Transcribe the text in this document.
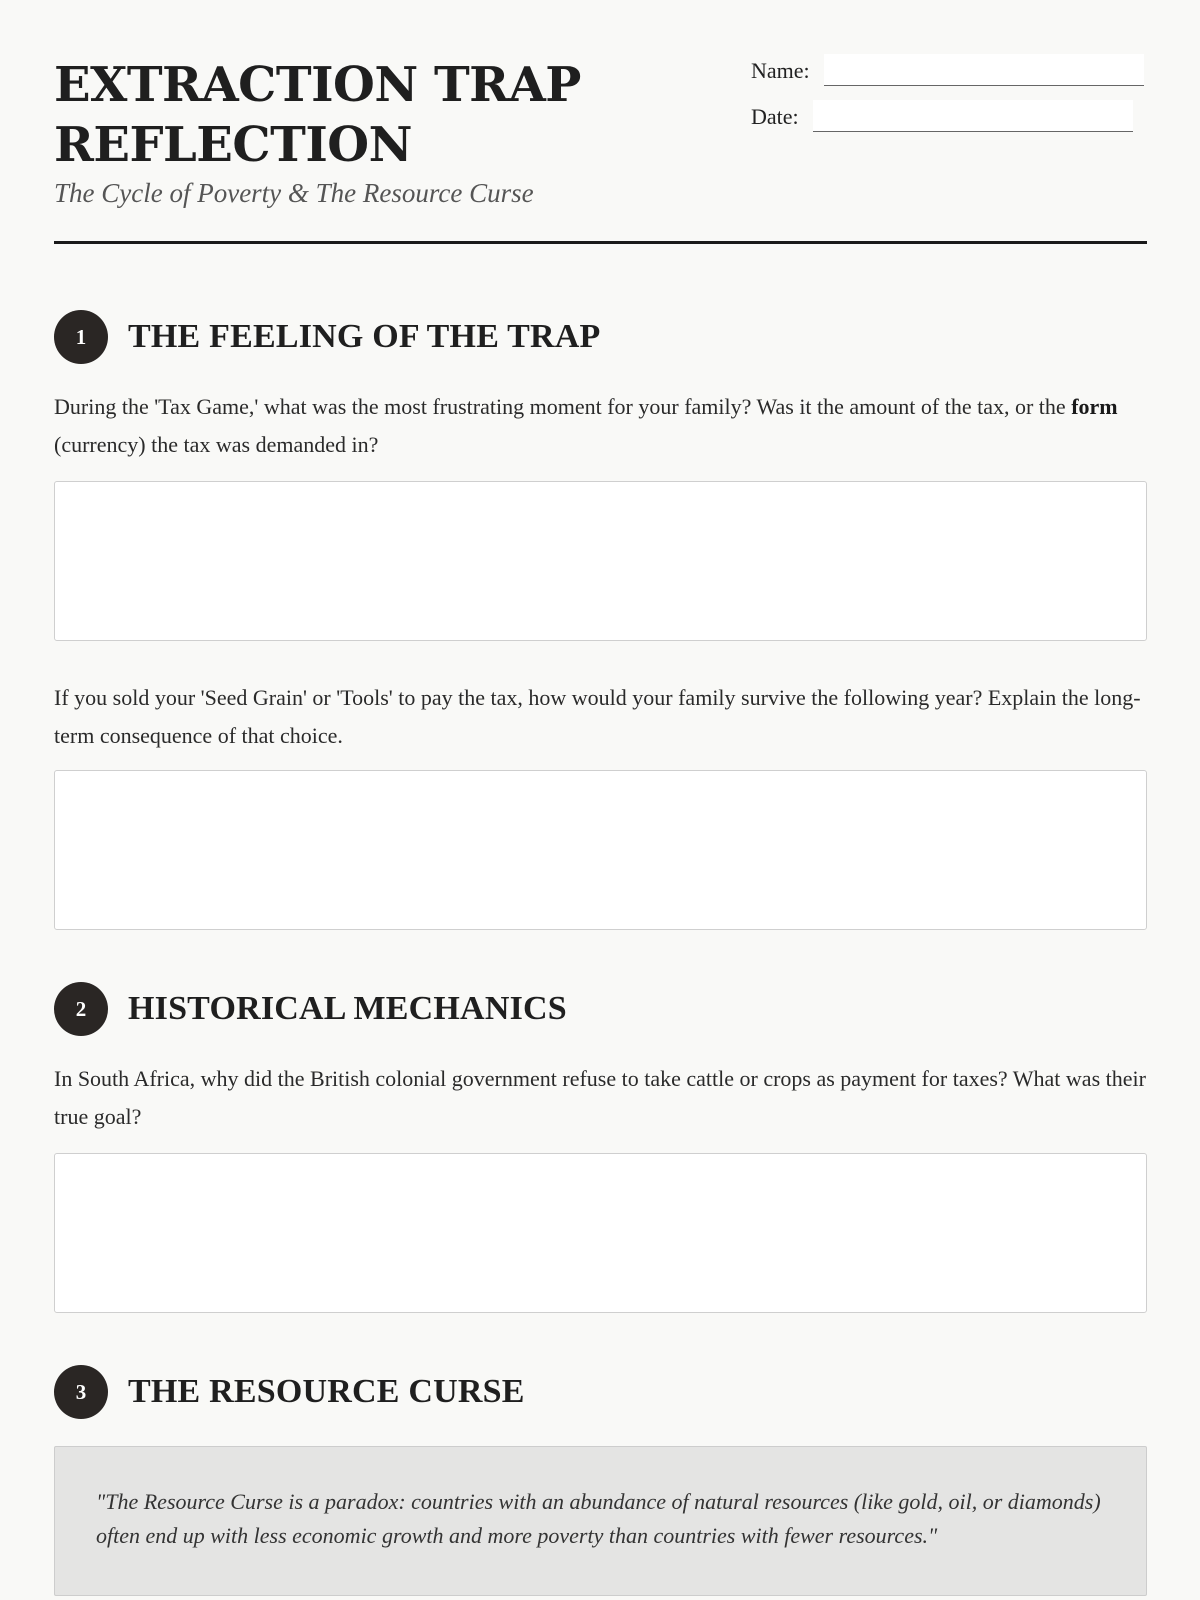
EXTRACTION TRAP REFLECTION
The Cycle of Poverty & The Resource Curse
Name:
Date:
1	THE FEELING OF THE TRAP

During the 'Tax Game,' what was the most frustrating moment for your family? Was it the amount of the tax, or the form (currency) the tax was demanded in?

If you sold your 'Seed Grain' or 'Tools' to pay the tax, how would your family survive the following year? Explain the long-term consequence of that choice.

2	HISTORICAL MECHANICS

In South Africa, why did the British colonial government refuse to take cattle or crops as payment for taxes? What was their true goal?

3	THE RESOURCE CURSE

"The Resource Curse is a paradox: countries with an abundance of natural resources (like gold, oil, or diamonds) often end up with less economic growth and more poverty than countries with fewer resources."
